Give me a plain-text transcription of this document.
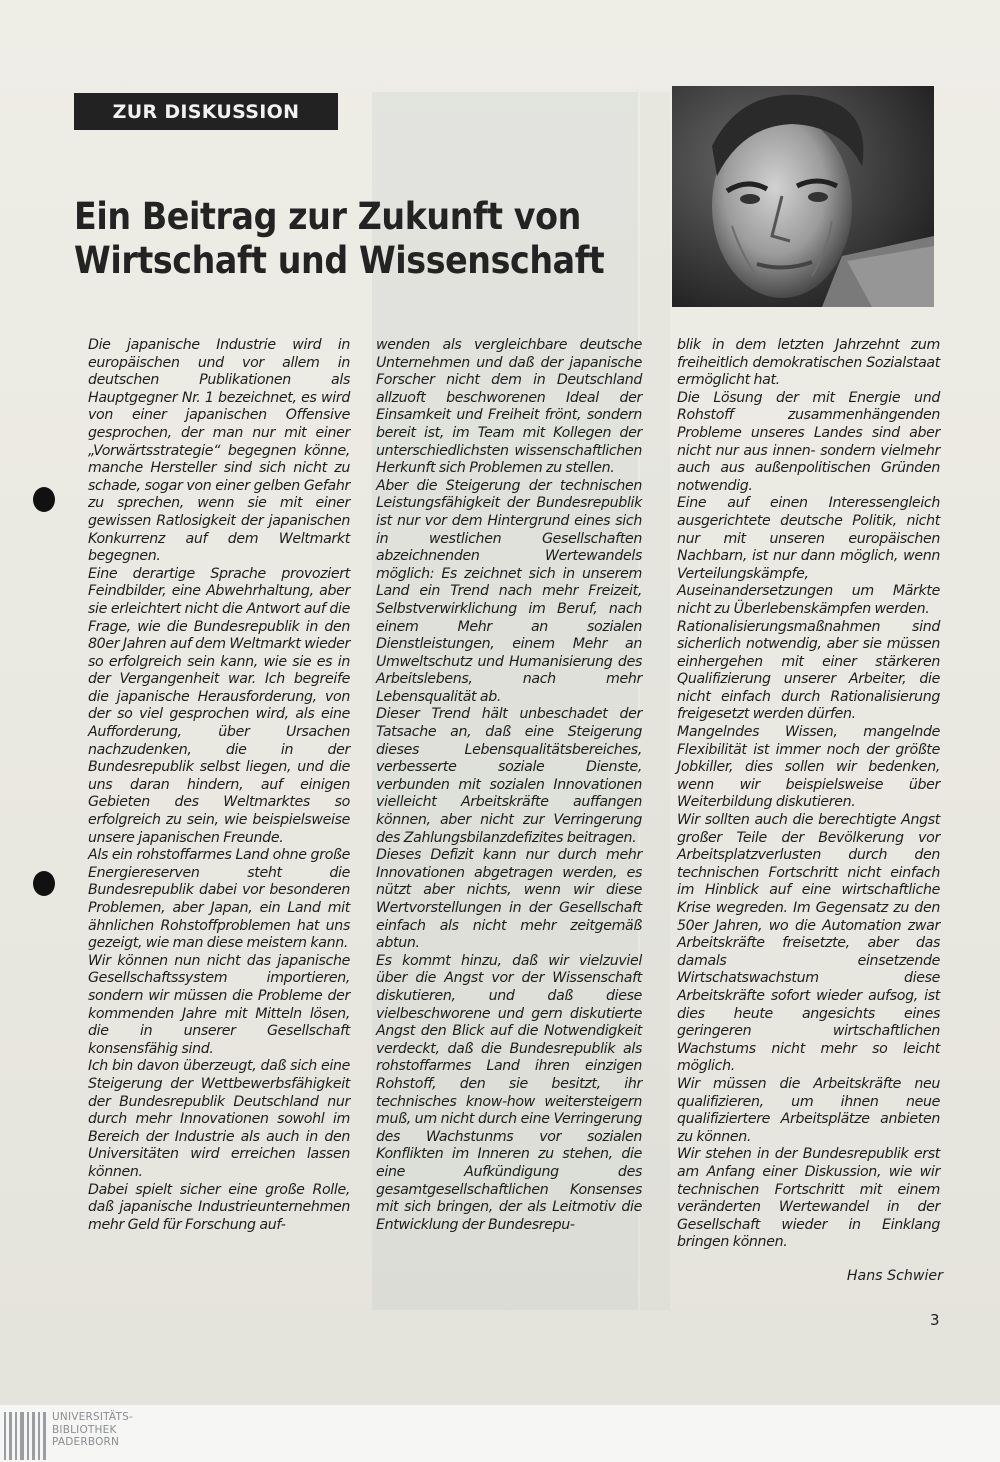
ZUR DISKUSSION
Ein Beitrag zur Zukunft von
Wirtschaft und Wissenschaft

Die japanische Industrie wird in europäischen und vor allem in deutschen Publikationen als Hauptgegner Nr. 1 bezeichnet, es wird von einer japanischen Offensive gesprochen, der man nur mit einer „Vorwärtsstrategie“ begegnen könne, manche Hersteller sind sich nicht zu schade, sogar von einer gelben Gefahr zu sprechen, wenn sie mit einer gewissen Ratlosigkeit der japanischen Konkurrenz auf dem Weltmarkt begegnen.

Eine derartige Sprache provoziert Feindbilder, eine Abwehrhaltung, aber sie erleichtert nicht die Antwort auf die Frage, wie die Bundesrepublik in den 80er Jahren auf dem Weltmarkt wieder so erfolgreich sein kann, wie sie es in der Vergangenheit war. Ich begreife die japanische Herausforderung, von der so viel gesprochen wird, als eine Aufforderung, über Ursachen nachzudenken, die in der Bundesrepublik selbst liegen, und die uns daran hindern, auf einigen Gebieten des Weltmarktes so erfolgreich zu sein, wie beispielsweise unsere japanischen Freunde.

Als ein rohstoffarmes Land ohne große Energiereserven steht die Bundesrepublik dabei vor besonderen Problemen, aber Japan, ein Land mit ähnlichen Rohstoffproblemen hat uns gezeigt, wie man diese meistern kann.

Wir können nun nicht das japanische Gesellschaftssystem importieren, sondern wir müssen die Probleme der kommenden Jahre mit Mitteln lösen, die in unserer Gesellschaft konsensfähig sind.

Ich bin davon überzeugt, daß sich eine Steigerung der Wettbewerbsfähigkeit der Bundesrepublik Deutschland nur durch mehr Innovationen sowohl im Bereich der Industrie als auch in den Universitäten wird erreichen lassen können.

Dabei spielt sicher eine große Rolle, daß japanische Industrieunternehmen mehr Geld für Forschung auf-

wenden als vergleichbare deutsche Unternehmen und daß der japanische Forscher nicht dem in Deutschland allzuoft beschworenen Ideal der Einsamkeit und Freiheit frönt, sondern bereit ist, im Team mit Kollegen der unterschiedlichsten wissenschaftlichen Herkunft sich Problemen zu stellen.

Aber die Steigerung der technischen Leistungsfähigkeit der Bundesrepublik ist nur vor dem Hintergrund eines sich in westlichen Gesellschaften abzeichnenden Wertewandels möglich: Es zeichnet sich in unserem Land ein Trend nach mehr Freizeit, Selbstverwirklichung im Beruf, nach einem Mehr an sozialen Dienstleistungen, einem Mehr an Umweltschutz und Humanisierung des Arbeitslebens, nach mehr Lebensqualität ab.

Dieser Trend hält unbeschadet der Tatsache an, daß eine Steigerung dieses Lebensqualitätsbereiches, verbesserte soziale Dienste, verbunden mit sozialen Innovationen vielleicht Arbeitskräfte auffangen können, aber nicht zur Verringerung des Zahlungsbilanzdefizites beitragen.

Dieses Defizit kann nur durch mehr Innovationen abgetragen werden, es nützt aber nichts, wenn wir diese Wertvorstellungen in der Gesellschaft einfach als nicht mehr zeitgemäß abtun.

Es kommt hinzu, daß wir vielzuviel über die Angst vor der Wissenschaft diskutieren, und daß diese vielbeschworene und gern diskutierte Angst den Blick auf die Notwendigkeit verdeckt, daß die Bundesrepublik als rohstoffarmes Land ihren einzigen Rohstoff, den sie besitzt, ihr technisches know-how weitersteigern muß, um nicht durch eine Verringerung des Wachstunms vor sozialen Konflikten im Inneren zu stehen, die eine Aufkündigung des gesamtgesellschaftlichen Konsenses mit sich bringen, der als Leitmotiv die Entwicklung der Bundesrepu-

blik in dem letzten Jahrzehnt zum freiheitlich demokratischen Sozialstaat ermöglicht hat.

Die Lösung der mit Energie und Rohstoff zusammenhängenden Probleme unseres Landes sind aber nicht nur aus innen- sondern vielmehr auch aus außenpolitischen Gründen notwendig.

Eine auf einen Interessengleich ausgerichtete deutsche Politik, nicht nur mit unseren europäischen Nachbarn, ist nur dann möglich, wenn Verteilungskämpfe, Auseinandersetzungen um Märkte nicht zu Überlebenskämpfen werden.

Rationalisierungsmaßnahmen sind sicherlich notwendig, aber sie müssen einhergehen mit einer stärkeren Qualifizierung unserer Arbeiter, die nicht einfach durch Rationalisierung freigesetzt werden dürfen.

Mangelndes Wissen, mangelnde Flexibilität ist immer noch der größte Jobkiller, dies sollen wir bedenken, wenn wir beispielsweise über Weiterbildung diskutieren.

Wir sollten auch die berechtigte Angst großer Teile der Bevölkerung vor Arbeitsplatzverlusten durch den technischen Fortschritt nicht einfach im Hinblick auf eine wirtschaftliche Krise wegreden. Im Gegensatz zu den 50er Jahren, wo die Automation zwar Arbeitskräfte freisetzte, aber das damals einsetzende Wirtschatswachstum diese Arbeitskräfte sofort wieder aufsog, ist dies heute angesichts eines geringeren wirtschaftlichen Wachstums nicht mehr so leicht möglich.

Wir müssen die Arbeitskräfte neu qualifizieren, um ihnen neue qualifiziertere Arbeitsplätze anbieten zu können.

Wir stehen in der Bundesrepublik erst am Anfang einer Diskussion, wie wir technischen Fortschritt mit einem veränderten Wertewandel in der Gesellschaft wieder in Einklang bringen können.

Hans Schwier
3
UNIVERSITÄTS-
BIBLIOTHEK
PADERBORN
